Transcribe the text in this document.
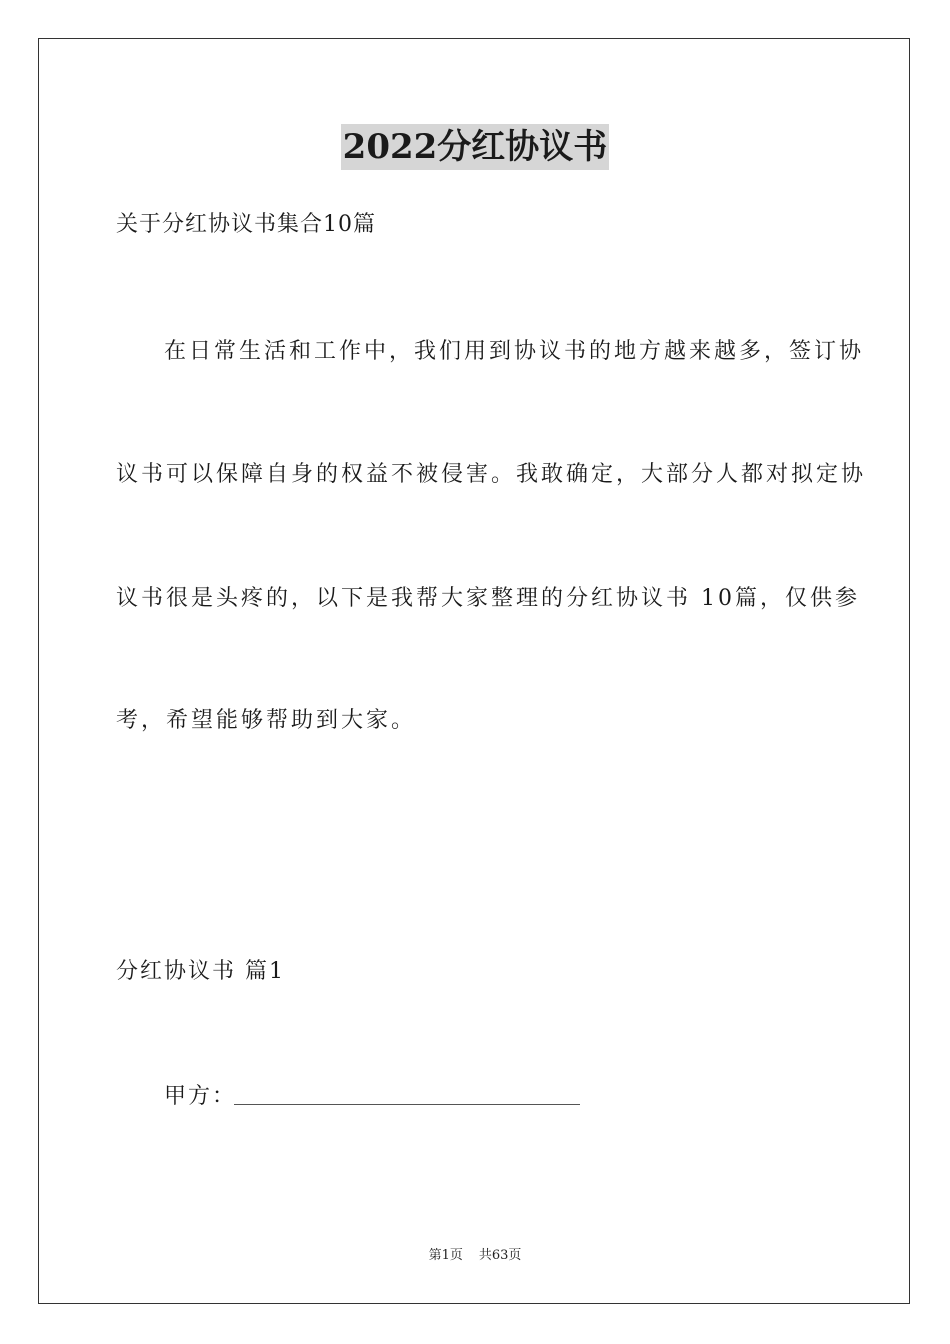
2022分红协议书

关于分红协议书集合10篇

在日常生活和工作中，我们用到协议书的地方越来越多，签订协

议书可以保障自身的权益不被侵害。我敢确定，大部分人都对拟定协

议书很是头疼的，以下是我帮大家整理的分红协议书 10篇，仅供参

考，希望能够帮助到大家。

分红协议书 篇1

甲方：

第1页 共63页
